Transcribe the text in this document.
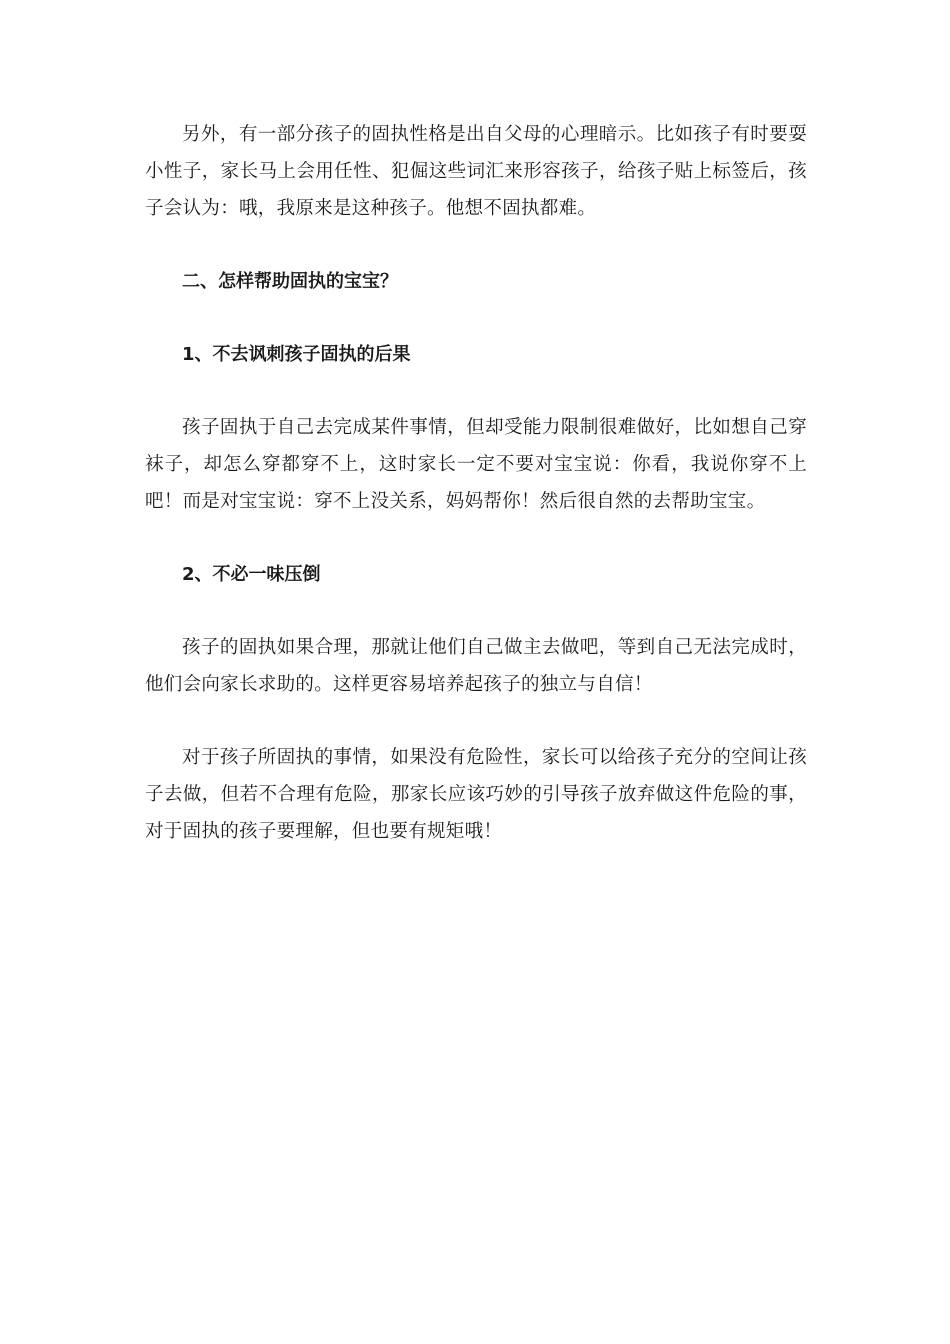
另外，有一部分孩子的固执性格是出自父母的心理暗示。比如孩子有时要耍小性子，家长马上会用任性、犯倔这些词汇来形容孩子，给孩子贴上标签后，孩子会认为：哦，我原来是这种孩子。他想不固执都难。

二、怎样帮助固执的宝宝？
1、不去讽刺孩子固执的后果

孩子固执于自己去完成某件事情，但却受能力限制很难做好，比如想自己穿袜子，却怎么穿都穿不上，这时家长一定不要对宝宝说：你看，我说你穿不上吧！而是对宝宝说：穿不上没关系，妈妈帮你！然后很自然的去帮助宝宝。

2、不必一味压倒

孩子的固执如果合理，那就让他们自己做主去做吧，等到自己无法完成时，他们会向家长求助的。这样更容易培养起孩子的独立与自信！

对于孩子所固执的事情，如果没有危险性，家长可以给孩子充分的空间让孩子去做，但若不合理有危险，那家长应该巧妙的引导孩子放弃做这件危险的事，对于固执的孩子要理解，但也要有规矩哦！
